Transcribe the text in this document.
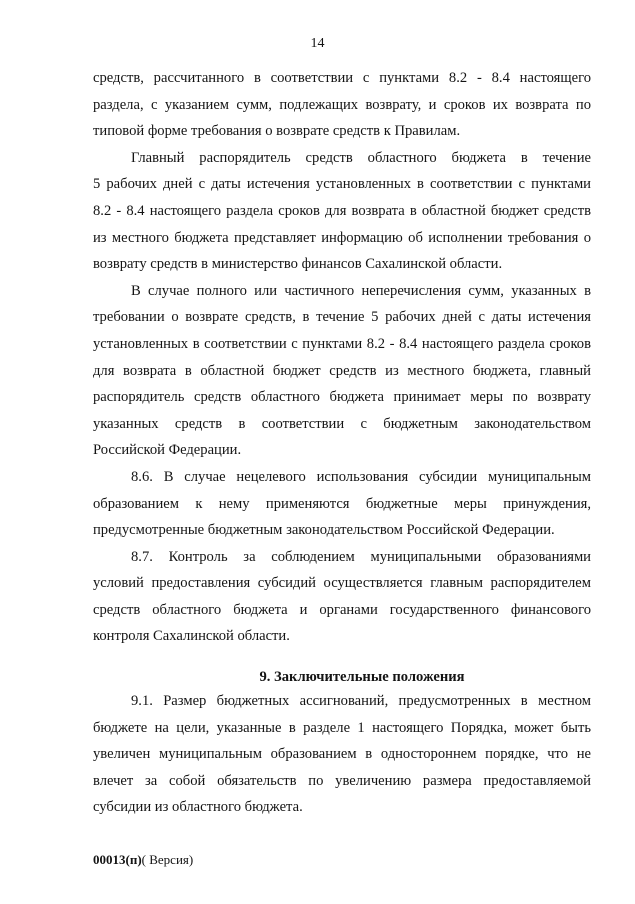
14
средств, рассчитанного в соответствии с пунктами 8.2 - 8.4 настоящего
раздела, с указанием сумм, подлежащих возврату, и сроков их возврата по
типовой форме требования о возврате средств к Правилам.
Главный распорядитель средств областного бюджета в течение
5 рабочих дней с даты истечения установленных в соответствии с пунктами
8.2 - 8.4 настоящего раздела сроков для возврата в областной бюджет средств
из местного бюджета представляет информацию об исполнении требования о
возврату средств в министерство финансов Сахалинской области.
В случае полного или частичного неперечисления сумм, указанных в
требовании о возврате средств, в течение 5 рабочих дней с даты истечения
установленных в соответствии с пунктами 8.2 - 8.4 настоящего раздела сроков
для возврата в областной бюджет средств из местного бюджета, главный
распорядитель средств областного бюджета принимает меры по возврату
указанных средств в соответствии с бюджетным законодательством
Российской Федерации.
8.6. В случае нецелевого использования субсидии муниципальным
образованием к нему применяются бюджетные меры принуждения,
предусмотренные бюджетным законодательством Российской Федерации.
8.7. Контроль за соблюдением муниципальными образованиями
условий предоставления субсидий осуществляется главным распорядителем
средств областного бюджета и органами государственного финансового
контроля Сахалинской области.
9. Заключительные положения
9.1. Размер бюджетных ассигнований, предусмотренных в местном
бюджете на цели, указанные в разделе 1 настоящего Порядка, может быть
увеличен муниципальным образованием в одностороннем порядке, что не
влечет за собой обязательств по увеличению размера предоставляемой
субсидии из областного бюджета.
00013(п)( Версия)
